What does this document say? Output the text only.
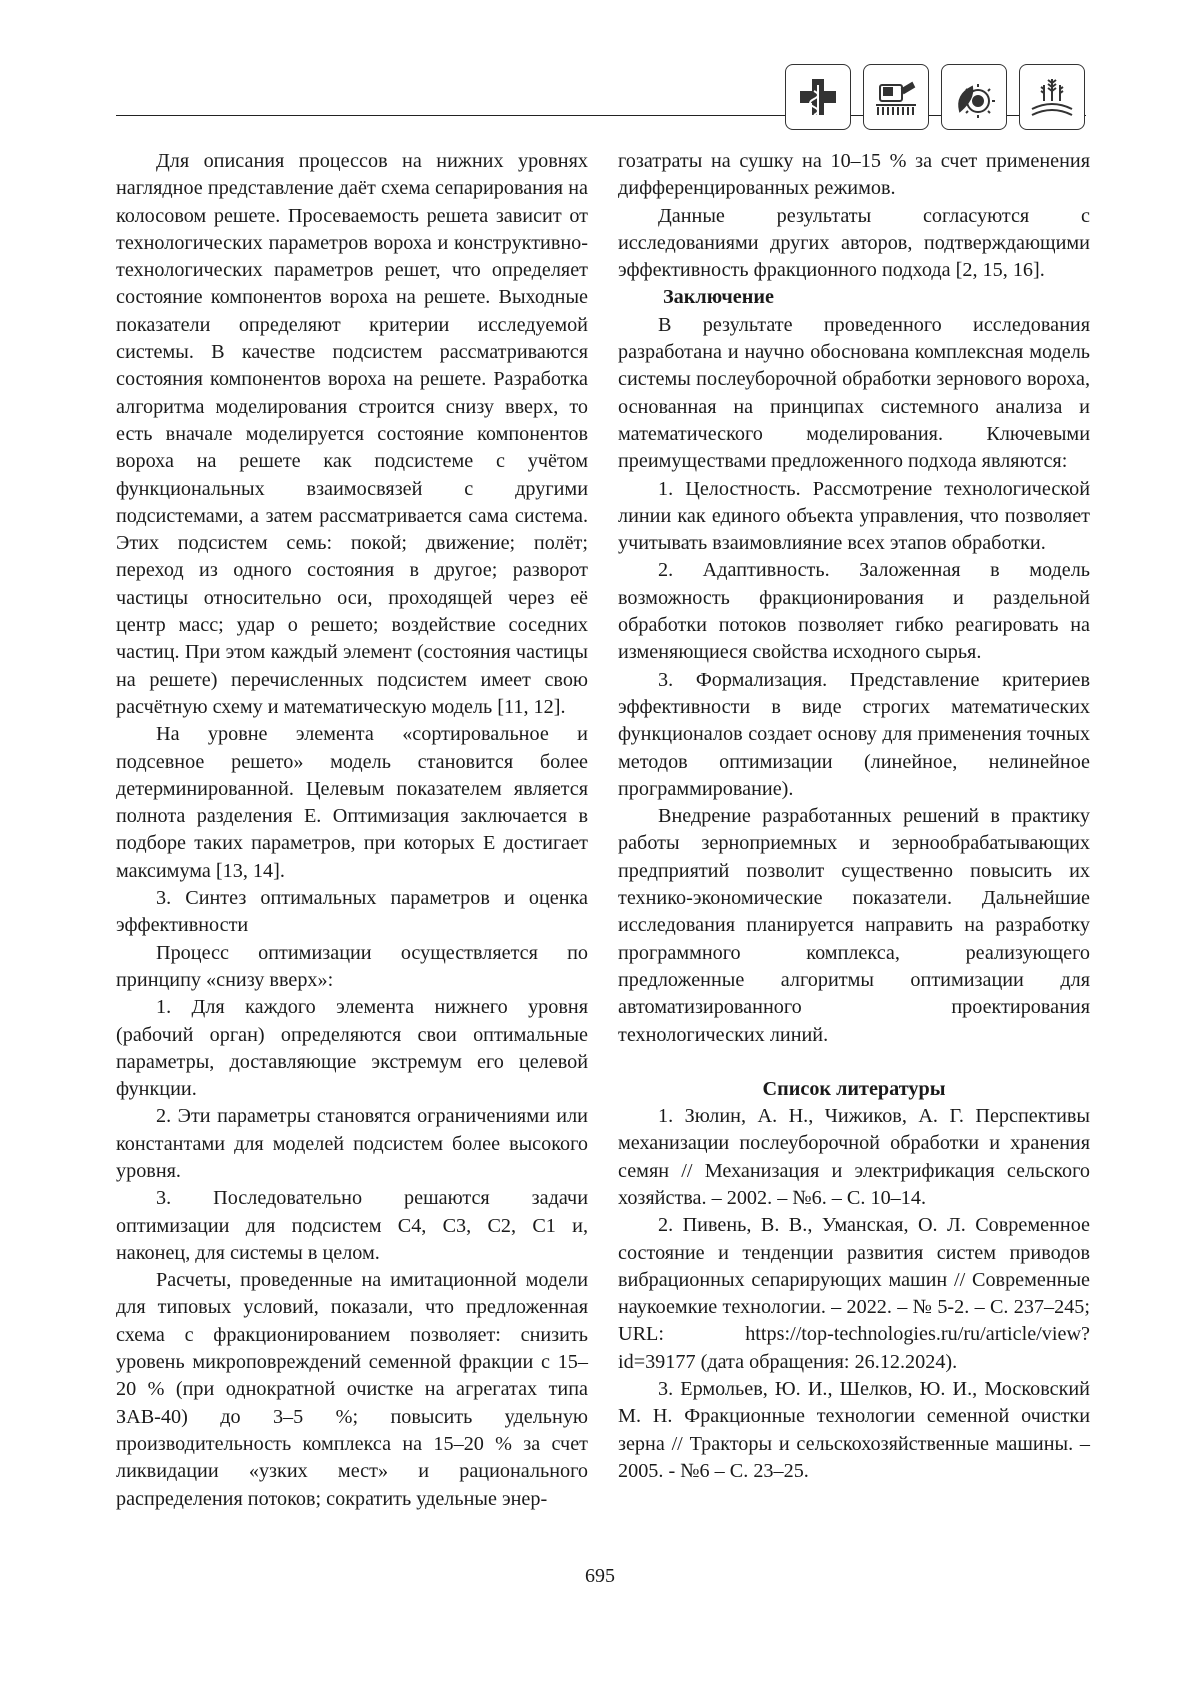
Для описания процессов на нижних уровнях наглядное представление даёт схема сепарирования на колосовом решете. Просеваемость решета зависит от технологических параметров вороха и конструктивно-технологических параметров решет, что определяет состояние компонентов вороха на решете. Выходные показатели определяют критерии исследуемой системы. В качестве подсистем рассматриваются состояния компонентов вороха на решете. Разработка алгоритма моделирования строится снизу вверх, то есть вначале моделируется состояние компонентов вороха на решете как подсистеме с учётом функциональных взаимосвязей с другими подсистемами, а затем рассматривается сама система. Этих подсистем семь: покой; движение; полёт; переход из одного состояния в другое; разворот частицы относительно оси, проходящей через её центр масс; удар о решето; воздействие соседних частиц. При этом каждый элемент (состояния частицы на решете) перечисленных подсистем имеет свою расчётную схему и математическую модель [11, 12].

На уровне элемента «сортировальное и подсевное решето» модель становится более детерминированной. Целевым показателем является полнота разделения Е. Оптимизация заключается в подборе таких параметров, при которых Е достигает максимума [13, 14].

3. Синтез оптимальных параметров и оценка эффективности

Процесс оптимизации осуществляется по принципу «снизу вверх»:

1. Для каждого элемента нижнего уровня (рабочий орган) определяются свои оптимальные параметры, доставляющие экстремум его целевой функции.

2. Эти параметры становятся ограничениями или константами для моделей подсистем более высокого уровня.

3. Последовательно решаются задачи оптимизации для подсистем С4, С3, С2, С1 и, наконец, для системы в целом.

Расчеты, проведенные на имитационной модели для типовых условий, показали, что предложенная схема с фракционированием позволяет: снизить уровень микроповреждений семенной фракции с 15–20 % (при однократной очистке на агрегатах типа ЗАВ-40) до 3–5 %; повысить удельную производительность комплекса на 15–20 % за счет ликвидации «узких мест» и рационального распределения потоков; сократить удельные энер-

гозатраты на сушку на 10–15 % за счет применения дифференцированных режимов.

Данные результаты согласуются с исследованиями других авторов, подтверждающими эффективность фракционного подхода [2, 15, 16].

Заключение

В результате проведенного исследования разработана и научно обоснована комплексная модель системы послеуборочной обработки зернового вороха, основанная на принципах системного анализа и математического моделирования. Ключевыми преимуществами предложенного подхода являются:

1. Целостность. Рассмотрение технологической линии как единого объекта управления, что позволяет учитывать взаимовлияние всех этапов обработки.

2. Адаптивность. Заложенная в модель возможность фракционирования и раздельной обработки потоков позволяет гибко реагировать на изменяющиеся свойства исходного сырья.

3. Формализация. Представление критериев эффективности в виде строгих математических функционалов создает основу для применения точных методов оптимизации (линейное, нелинейное программирование).

Внедрение разработанных решений в практику работы зерноприемных и зернообрабатывающих предприятий позволит существенно повысить их технико-экономические показатели. Дальнейшие исследования планируется направить на разработку программного комплекса, реализующего предложенные алгоритмы оптимизации для автоматизированного проектирования технологических линий.

Список литературы

1. Зюлин, А. Н., Чижиков, А. Г. Перспективы механизации послеуборочной обработки и хранения семян // Механизация и электрификация сельского хозяйства. – 2002. – №6. – С. 10–14.

2. Пивень, В. В., Уманская, О. Л. Современное состояние и тенденции развития систем приводов вибрационных сепарирующих машин // Современные наукоемкие технологии. – 2022. – № 5-2. – С. 237–245; URL: https://top-technologies.ru/ru/article/view?id=39177 (дата обращения: 26.12.2024).

3. Ермольев, Ю. И., Шелков, Ю. И., Московский М. Н. Фракционные технологии семенной очистки зерна // Тракторы и сельскохозяйственные машины. – 2005. - №6 – С. 23–25.

695
